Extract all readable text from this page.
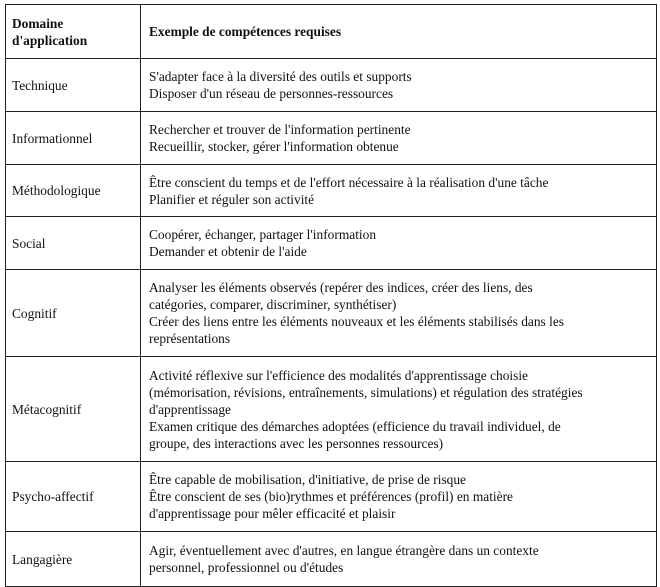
Domaine
d'application	Exemple de compétences requises
Technique	S'adapter face à la diversité des outils et supports
Disposer d'un réseau de personnes-ressources

Informationnel	Rechercher et trouver de l'information pertinente
Recueillir, stocker, gérer l'information obtenue

Méthodologique	Être conscient du temps et de l'effort nécessaire à la réalisation d'une tâche
Planifier et réguler son activité

Social	Coopérer, échanger, partager l'information
Demander et obtenir de l'aide

Cognitif	Analyser les éléments observés (repérer des indices, créer des liens, des
catégories, comparer, discriminer, synthétiser)
Créer des liens entre les éléments nouveaux et les éléments stabilisés dans les
représentations

Métacognitif	Activité réflexive sur l'efficience des modalités d'apprentissage choisie
(mémorisation, révisions, entraînements, simulations) et régulation des stratégies
d'apprentissage
Examen critique des démarches adoptées (efficience du travail individuel, de
groupe, des interactions avec les personnes ressources)

Psycho-affectif	Être capable de mobilisation, d'initiative, de prise de risque
Être conscient de ses (bio)rythmes et préférences (profil) en matière
d'apprentissage pour mêler efficacité et plaisir

Langagière	Agir, éventuellement avec d'autres, en langue étrangère dans un contexte
personnel, professionnel ou d'études
